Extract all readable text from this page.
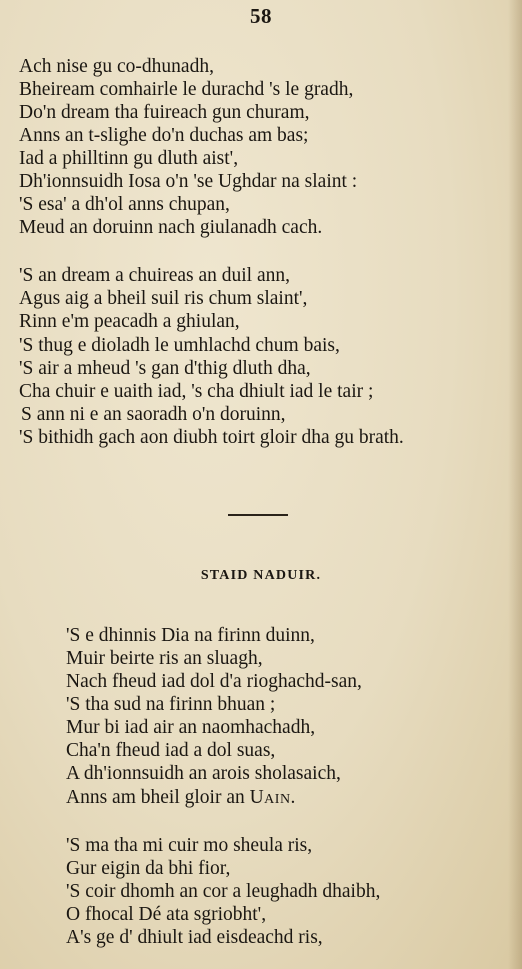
58
Ach nise gu co-dhunadh,
Bheiream comhairle le durachd 's le gradh,
Do'n dream tha fuireach gun churam,
Anns an t-slighe do'n duchas am bas;
Iad a philltinn gu dluth aist',
Dh'ionnsuidh Iosa o'n 'se Ughdar na slaint :
'S esa' a dh'ol anns chupan,
Meud an doruinn nach giulanadh cach.
'S an dream a chuireas an duil ann,
Agus aig a bheil suil ris chum slaint',
Rinn e'm peacadh a ghiulan,
'S thug e dioladh le umhlachd chum bais,
'S air a mheud 's gan d'thig dluth dha,
Cha chuir e uaith iad, 's cha dhiult iad le tair ;
S ann ni e an saoradh o'n doruinn,
'S bithidh gach aon diubh toirt gloir dha gu brath.
STAID NADUIR.
'S e dhinnis Dia na firinn duinn,
Muir beirte ris an sluagh,
Nach fheud iad dol d'a rioghachd-san,
'S tha sud na firinn bhuan ;
Mur bi iad air an naomhachadh,
Cha'n fheud iad a dol suas,
A dh'ionnsuidh an arois sholasaich,
Anns am bheil gloir an Uain.
'S ma tha mi cuir mo sheula ris,
Gur eigin da bhi fior,
'S coir dhomh an cor a leughadh dhaibh,
O fhocal Dé ata sgriobht',
A's ge d' dhiult iad eisdeachd ris,
